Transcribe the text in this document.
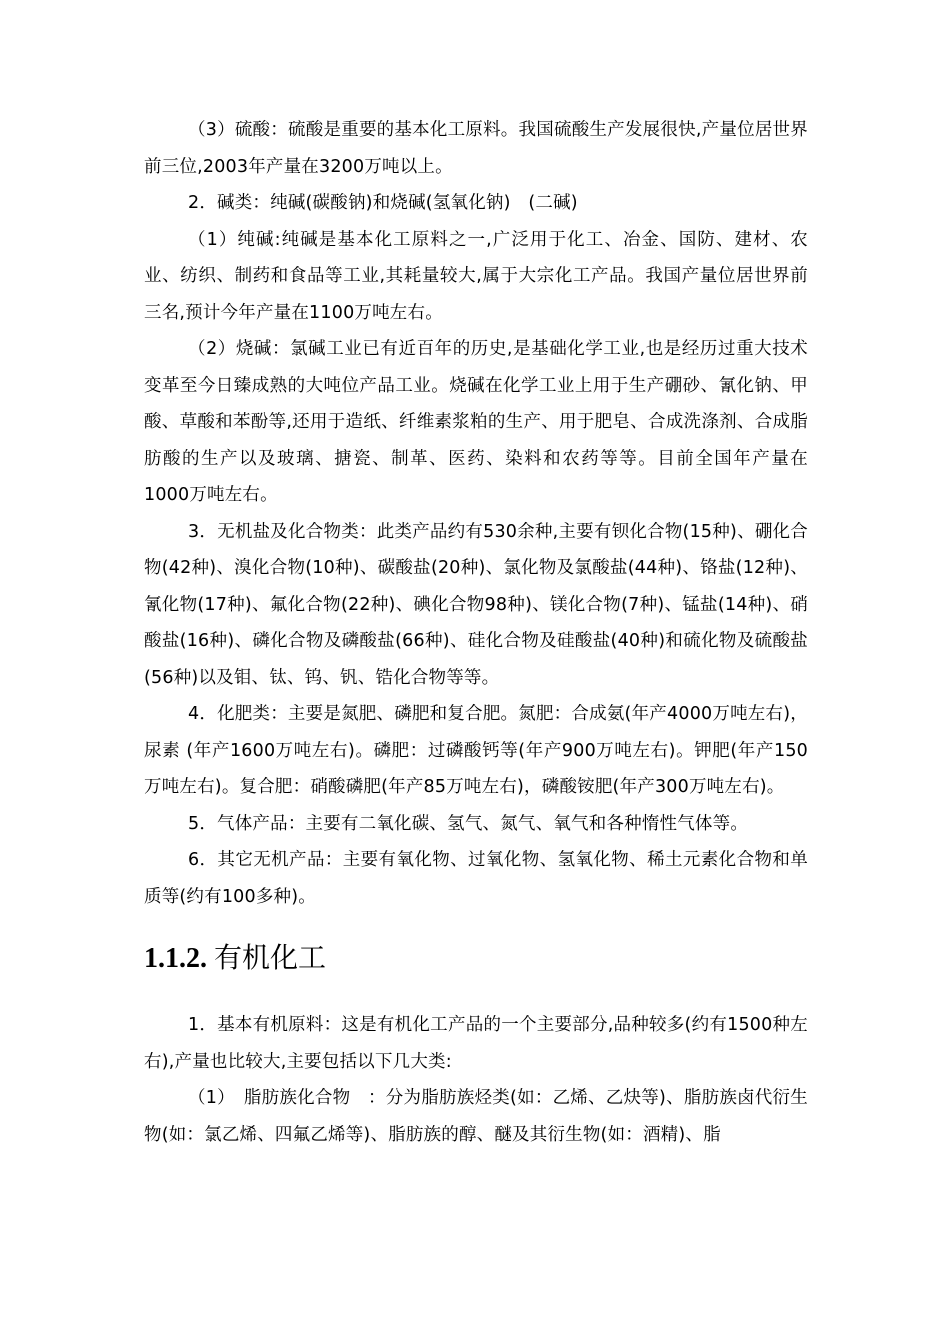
（3）硫酸：硫酸是重要的基本化工原料。我国硫酸生产发展很快,产量位居世界前三位,2003年产量在3200万吨以上。

2．碱类：纯碱(碳酸钠)和烧碱(氢氧化钠)　(二碱)

（1）纯碱:纯碱是基本化工原料之一,广泛用于化工、冶金、国防、建材、农业、纺织、制药和食品等工业,其耗量较大,属于大宗化工产品。我国产量位居世界前三名,预计今年产量在1100万吨左右。

（2）烧碱：氯碱工业已有近百年的历史,是基础化学工业,也是经历过重大技术变革至今日臻成熟的大吨位产品工业。烧碱在化学工业上用于生产硼砂、氰化钠、甲酸、草酸和苯酚等,还用于造纸、纤维素浆粕的生产、用于肥皂、合成洗涤剂、合成脂肪酸的生产以及玻璃、搪瓷、制革、医药、染料和农药等等。目前全国年产量在1000万吨左右。

3．无机盐及化合物类：此类产品约有530余种,主要有钡化合物(15种)、硼化合物(42种)、溴化合物(10种)、碳酸盐(20种)、氯化物及氯酸盐(44种)、铬盐(12种)、氰化物(17种)、氟化合物(22种)、碘化合物98种)、镁化合物(7种)、锰盐(14种)、硝酸盐(16种)、磷化合物及磷酸盐(66种)、硅化合物及硅酸盐(40种)和硫化物及硫酸盐(56种)以及钼、钛、钨、钒、锆化合物等等。

4．化肥类：主要是氮肥、磷肥和复合肥。氮肥：合成氨(年产4000万吨左右)，尿素 (年产1600万吨左右)。磷肥：过磷酸钙等(年产900万吨左右)。钾肥(年产150万吨左右)。复合肥：硝酸磷肥(年产85万吨左右)，磷酸铵肥(年产300万吨左右)。

5．气体产品：主要有二氧化碳、氢气、氮气、氧气和各种惰性气体等。

6．其它无机产品：主要有氧化物、过氧化物、氢氧化物、稀土元素化合物和单质等(约有100多种)。

1.1.2. 有机化工

1．基本有机原料：这是有机化工产品的一个主要部分,品种较多(约有1500种左右),产量也比较大,主要包括以下几大类:

（1）　脂肪族化合物　：分为脂肪族烃类(如：乙烯、乙炔等)、脂肪族卤代衍生物(如：氯乙烯、四氟乙烯等)、脂肪族的醇、醚及其衍生物(如：酒精)、脂
